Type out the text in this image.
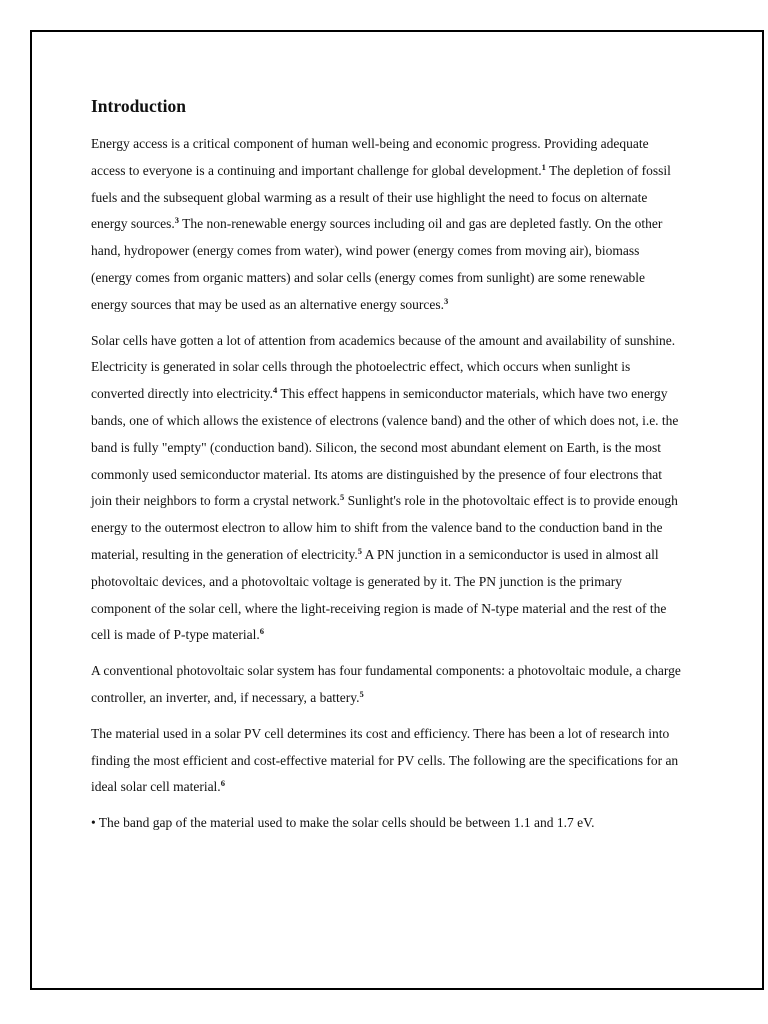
Introduction

Energy access is a critical component of human well-being and economic progress. Providing adequate access to everyone is a continuing and important challenge for global development.$^1$ The depletion of fossil fuels and the subsequent global warming as a result of their use highlight the need to focus on alternate energy sources.$^3$ The non-renewable energy sources including oil and gas are depleted fastly. On the other hand, hydropower (energy comes from water), wind power (energy comes from moving air), biomass (energy comes from organic matters) and solar cells (energy comes from sunlight) are some renewable energy sources that may be used as an alternative energy sources.$^3$

Solar cells have gotten a lot of attention from academics because of the amount and availability of sunshine. Electricity is generated in solar cells through the photoelectric effect, which occurs when sunlight is converted directly into electricity.$^4$ This effect happens in semiconductor materials, which have two energy bands, one of which allows the existence of electrons (valence band) and the other of which does not, i.e. the band is fully "empty" (conduction band). Silicon, the second most abundant element on Earth, is the most commonly used semiconductor material. Its atoms are distinguished by the presence of four electrons that join their neighbors to form a crystal network.$^5$ Sunlight's role in the photovoltaic effect is to provide enough energy to the outermost electron to allow him to shift from the valence band to the conduction band in the material, resulting in the generation of electricity.$^5$ A PN junction in a semiconductor is used in almost all photovoltaic devices, and a photovoltaic voltage is generated by it. The PN junction is the primary component of the solar cell, where the light-receiving region is made of N-type material and the rest of the cell is made of P-type material.$^6$

A conventional photovoltaic solar system has four fundamental components: a photovoltaic module, a charge controller, an inverter, and, if necessary, a battery.$^5$

The material used in a solar PV cell determines its cost and efficiency. There has been a lot of research into finding the most efficient and cost-effective material for PV cells. The following are the specifications for an ideal solar cell material.$^6$

• The band gap of the material used to make the solar cells should be between 1.1 and 1.7 eV.
